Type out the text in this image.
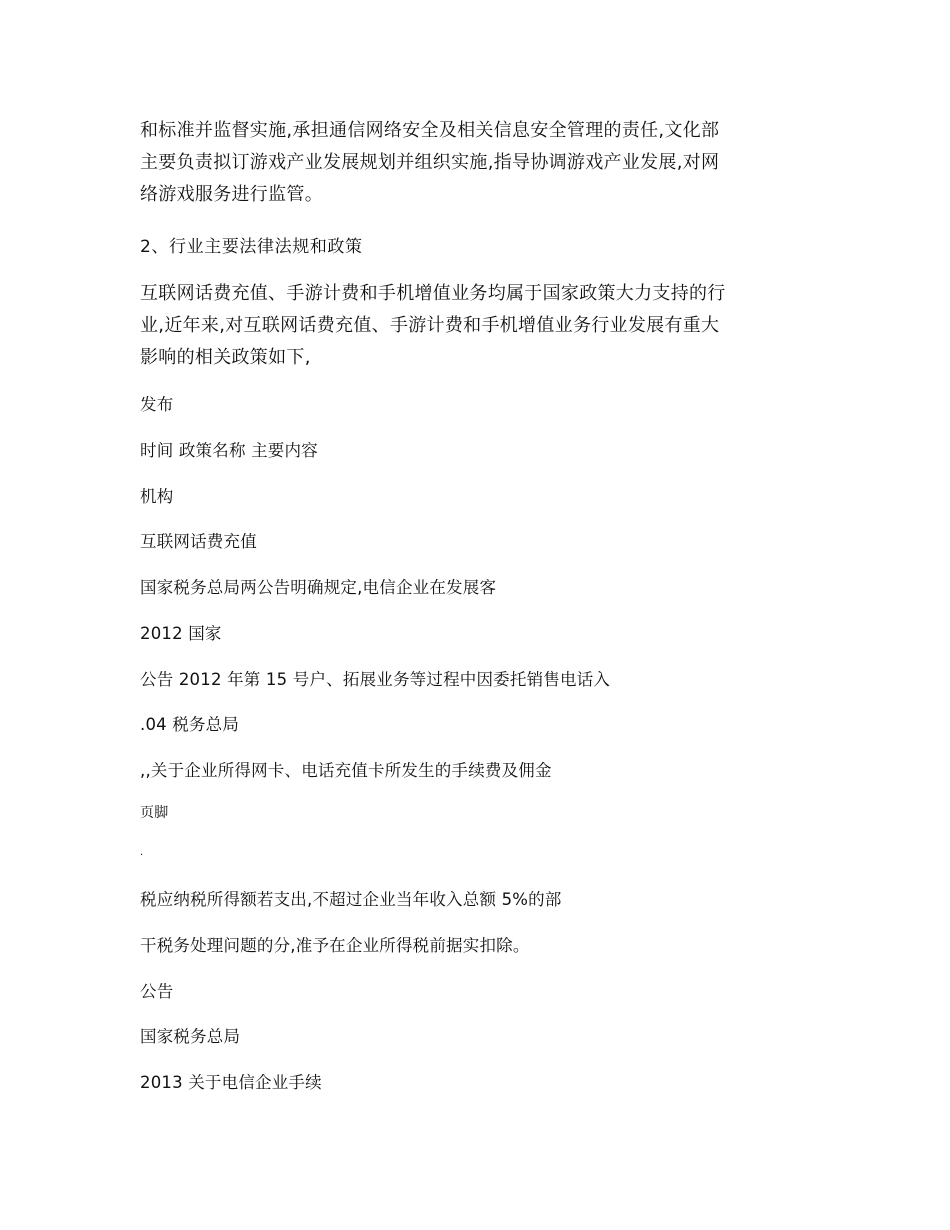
和标准并监督实施,承担通信网络安全及相关信息安全管理的责任,文化部
主要负责拟订游戏产业发展规划并组织实施,指导协调游戏产业发展,对网
络游戏服务进行监管。
2、行业主要法律法规和政策
互联网话费充值、手游计费和手机增值业务均属于国家政策大力支持的行
业,近年来,对互联网话费充值、手游计费和手机增值业务行业发展有重大
影响的相关政策如下,
发布
时间 政策名称 主要内容
机构
互联网话费充值
国家税务总局两公告明确规定,电信企业在发展客
2012 国家
公告 2012 年第 15 号户、拓展业务等过程中因委托销售电话入
.04 税务总局
,,关于企业所得网卡、电话充值卡所发生的手续费及佣金
页脚
.
税应纳税所得额若支出,不超过企业当年收入总额 5%的部
干税务处理问题的分,准予在企业所得税前据实扣除。
公告
国家税务总局
2013 关于电信企业手续
